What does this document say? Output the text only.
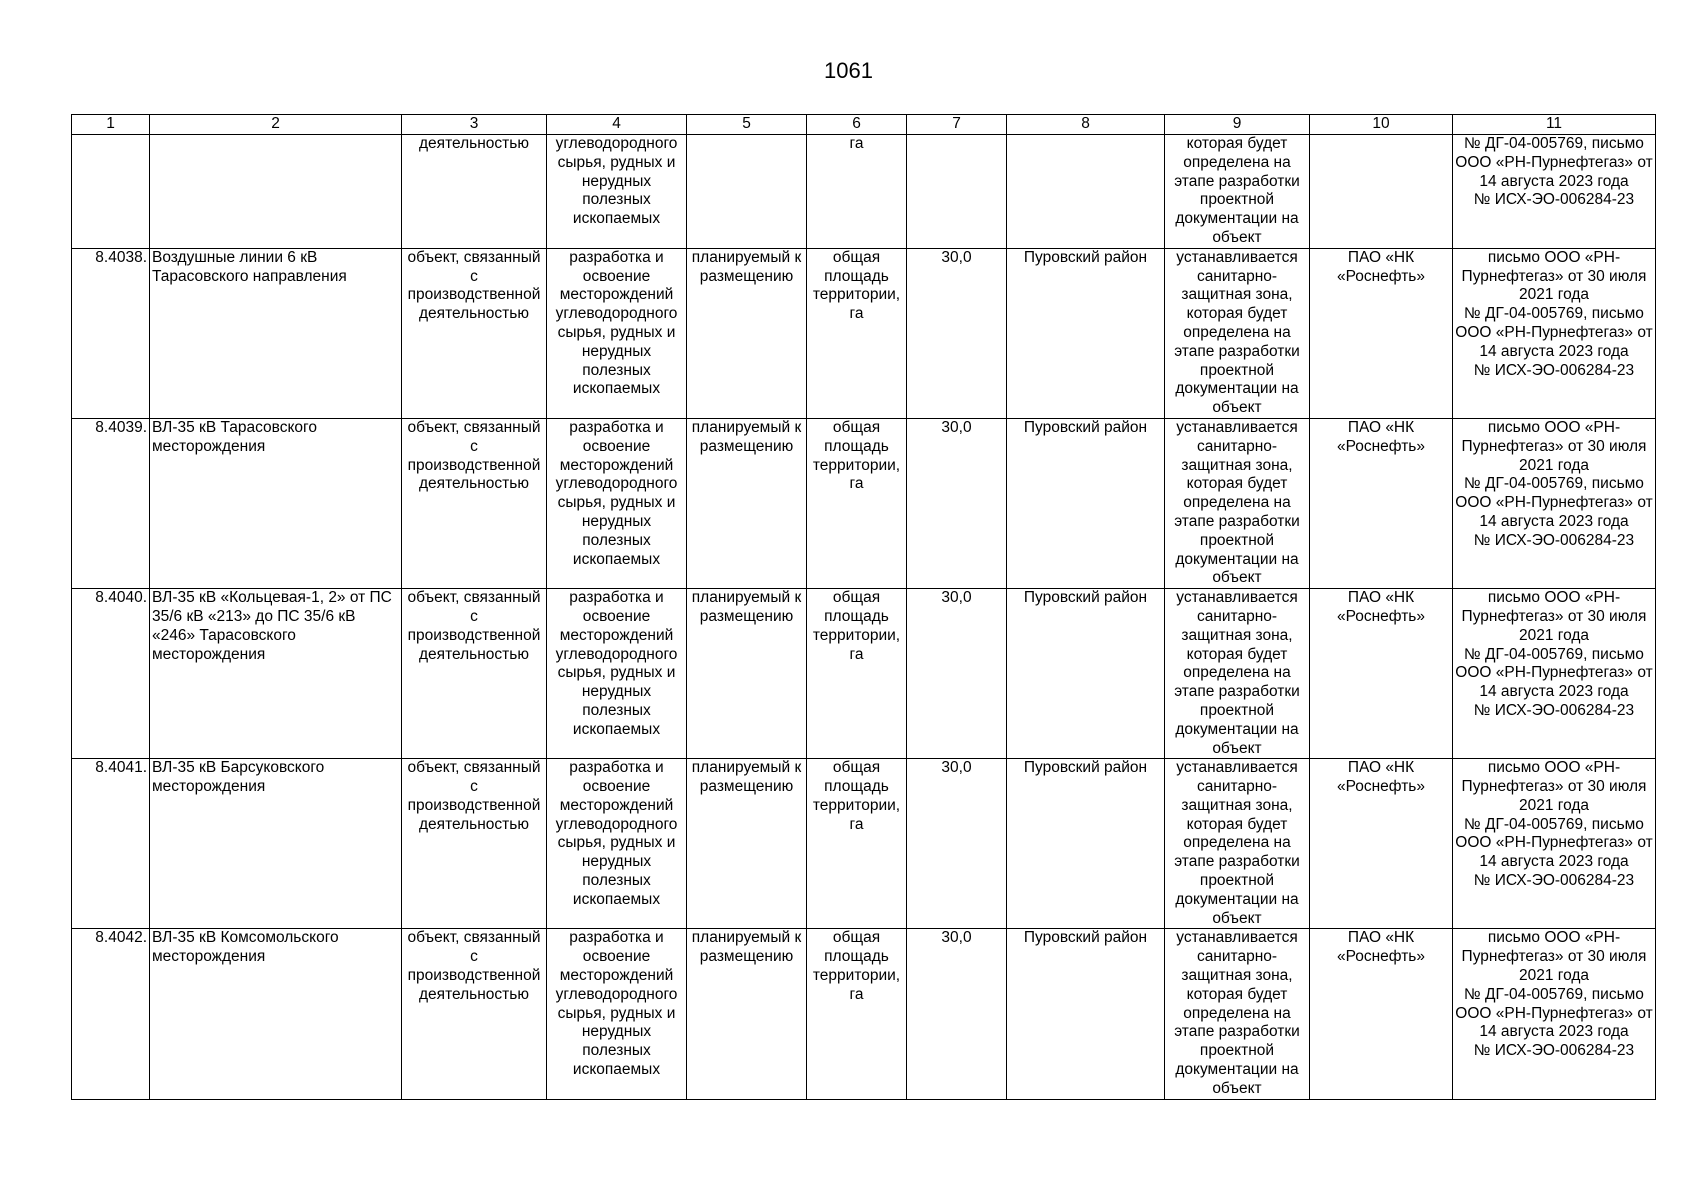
1061
1	2	3	4	5	6	7	8	9	10	11
		деятельностью	углеводородного сырья, рудных и нерудных полезных ископаемых		га			которая будет определена на этапе разработки проектной документации на объект		№ ДГ-04-005769, письмо ООО «РН-Пурнефтегаз» от 14 августа 2023 года
№ ИСХ-ЭО-006284-23
8.4038.	Воздушные линии 6 кВ Тарасовского направления	объект, связанный с производственной деятельностью	разработка и освоение месторождений углеводородного сырья, рудных и нерудных полезных ископаемых	планируемый к размещению	общая площадь территории, га	30,0	Пуровский район	устанавливается санитарно-защитная зона, которая будет определена на этапе разработки проектной документации на объект	ПАО «НК «Роснефть»	письмо ООО «РН-Пурнефтегаз» от 30 июля 2021 года
№ ДГ-04-005769, письмо ООО «РН-Пурнефтегаз» от 14 августа 2023 года
№ ИСХ-ЭО-006284-23
8.4039.	ВЛ-35 кВ Тарасовского месторождения	объект, связанный с производственной деятельностью	разработка и освоение месторождений углеводородного сырья, рудных и нерудных полезных ископаемых	планируемый к размещению	общая площадь территории, га	30,0	Пуровский район	устанавливается санитарно-защитная зона, которая будет определена на этапе разработки проектной документации на объект	ПАО «НК «Роснефть»	письмо ООО «РН-Пурнефтегаз» от 30 июля 2021 года
№ ДГ-04-005769, письмо ООО «РН-Пурнефтегаз» от 14 августа 2023 года
№ ИСХ-ЭО-006284-23
8.4040.	ВЛ-35 кВ «Кольцевая-1, 2» от ПС 35/6 кВ «213» до ПС 35/6 кВ «246» Тарасовского месторождения	объект, связанный с производственной деятельностью	разработка и освоение месторождений углеводородного сырья, рудных и нерудных полезных ископаемых	планируемый к размещению	общая площадь территории, га	30,0	Пуровский район	устанавливается санитарно-защитная зона, которая будет определена на этапе разработки проектной документации на объект	ПАО «НК «Роснефть»	письмо ООО «РН-Пурнефтегаз» от 30 июля 2021 года
№ ДГ-04-005769, письмо ООО «РН-Пурнефтегаз» от 14 августа 2023 года
№ ИСХ-ЭО-006284-23
8.4041.	ВЛ-35 кВ Барсуковского месторождения	объект, связанный с производственной деятельностью	разработка и освоение месторождений углеводородного сырья, рудных и нерудных полезных ископаемых	планируемый к размещению	общая площадь территории, га	30,0	Пуровский район	устанавливается санитарно-защитная зона, которая будет определена на этапе разработки проектной документации на объект	ПАО «НК «Роснефть»	письмо ООО «РН-Пурнефтегаз» от 30 июля 2021 года
№ ДГ-04-005769, письмо ООО «РН-Пурнефтегаз» от 14 августа 2023 года
№ ИСХ-ЭО-006284-23
8.4042.	ВЛ-35 кВ Комсомольского месторождения	объект, связанный с производственной деятельностью	разработка и освоение месторождений углеводородного сырья, рудных и нерудных полезных ископаемых	планируемый к размещению	общая площадь территории, га	30,0	Пуровский район	устанавливается санитарно-защитная зона, которая будет определена на этапе разработки проектной документации на объект	ПАО «НК «Роснефть»	письмо ООО «РН-Пурнефтегаз» от 30 июля 2021 года
№ ДГ-04-005769, письмо ООО «РН-Пурнефтегаз» от 14 августа 2023 года
№ ИСХ-ЭО-006284-23
